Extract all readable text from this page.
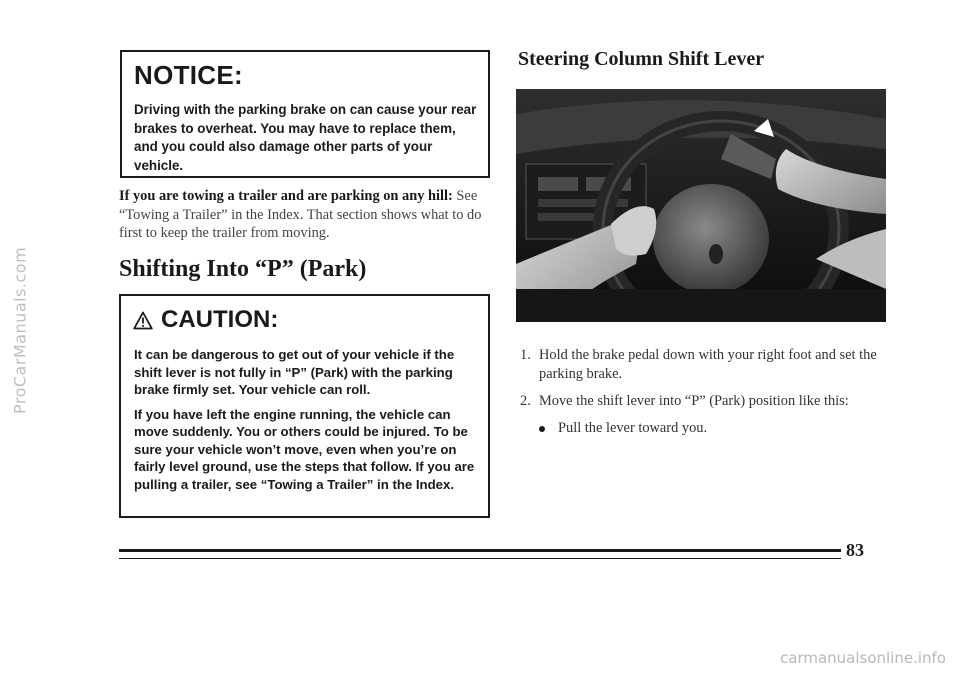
ProCarManuals.com
NOTICE:
Driving with the parking brake on can cause your rear brakes to overheat. You may have to replace them, and you could also damage other parts of your vehicle.
If you are towing a trailer and are parking on any hill: See “Towing a Trailer” in the Index. That section shows what to do first to keep the trailer from moving.
Shifting Into “P” (Park)
CAUTION:

It can be dangerous to get out of your vehicle if the shift lever is not fully in “P” (Park) with the parking brake firmly set. Your vehicle can roll.

If you have left the engine running, the vehicle can move suddenly. You or others could be injured. To be sure your vehicle won’t move, even when you’re on fairly level ground, use the steps that follow. If you are pulling a trailer, see “Towing a Trailer” in the Index.

Steering Column Shift Lever
1. Hold the brake pedal down with your right foot and set the parking brake.
2. Move the shift lever into “P” (Park) position like this:
Pull the lever toward you.
83
carmanualsonline.info
